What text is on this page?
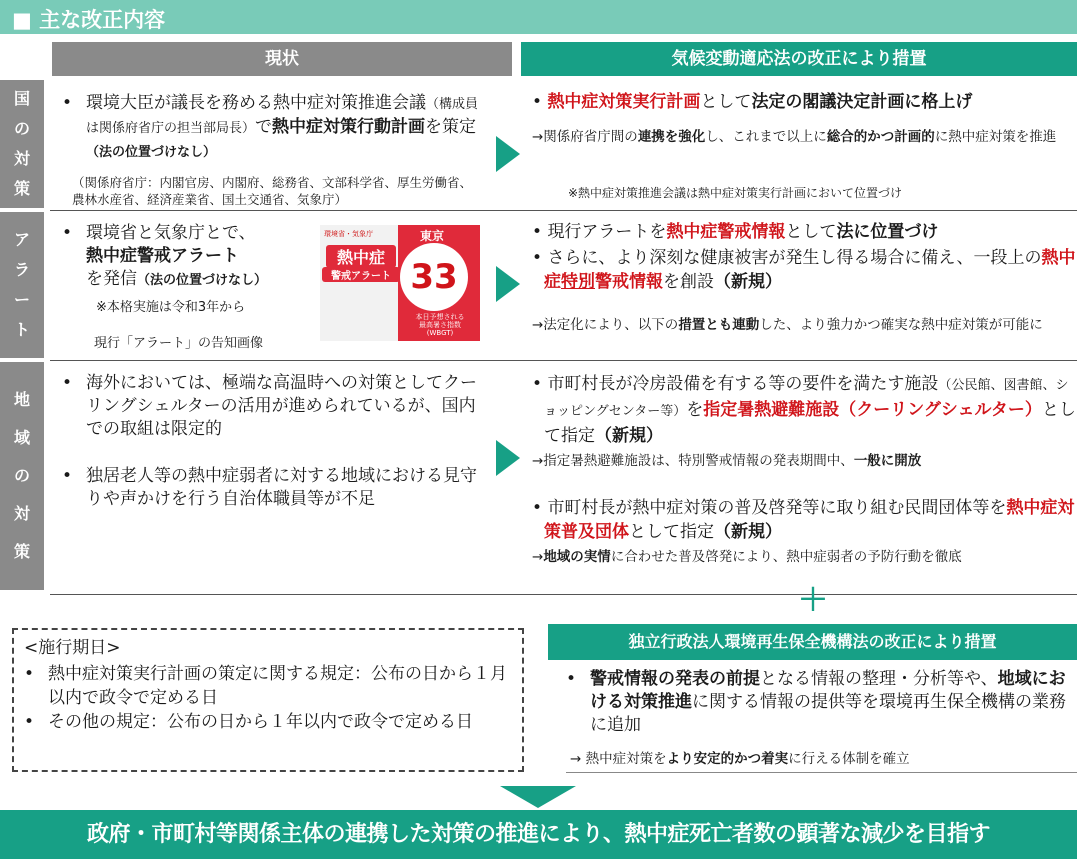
■ 主な改正内容
現状	気候変動適応法の改正により措置
国
の
対
策
ア
ラ
ー
ト
地
域
の
対
策
• 環境大臣が議長を務める熱中症対策推進会議（構成員は関係府省庁の担当部局長）で熱中症対策行動計画を策定（法の位置づけなし）
（関係府省庁：内閣官房、内閣府、総務省、文部科学省、厚生労働省、農林水産省、経済産業省、国土交通省、気象庁）
• 熱中症対策実行計画として法定の閣議決定計画に格上げ
→関係府省庁間の連携を強化し、これまで以上に総合的かつ計画的に熱中症対策を推進
※熱中症対策推進会議は熱中症対策実行計画において位置づけ
• 環境省と気象庁とで、
熱中症警戒アラート
を発信（法の位置づけなし）
※本格実施は令和3年から
現行「アラート」の告知画像
環境省・気象庁
熱中症
警戒アラート
東京
33
本日予想される
最高暑さ指数
(WBGT)
• 現行アラートを熱中症警戒情報として法に位置づけ
• さらに、より深刻な健康被害が発生し得る場合に備え、一段上の熱中症特別警戒情報を創設（新規）
→法定化により、以下の措置とも連動した、より強力かつ確実な熱中症対策が可能に
• 海外においては、極端な高温時への対策としてクーリングシェルターの活用が進められているが、国内での取組は限定的
• 独居老人等の熱中症弱者に対する地域における見守りや声かけを行う自治体職員等が不足
• 市町村長が冷房設備を有する等の要件を満たす施設（公民館、図書館、ショッピングセンター等）を指定暑熱避難施設（クーリングシェルター）として指定（新規）
→指定暑熱避難施設は、特別警戒情報の発表期間中、一般に開放
• 市町村長が熱中症対策の普及啓発等に取り組む民間団体等を熱中症対策普及団体として指定（新規）
→地域の実情に合わせた普及啓発により、熱中症弱者の予防行動を徹底
＋
<施行期日>
• 熱中症対策実行計画の策定に関する規定：公布の日から１月以内で政令で定める日
• その他の規定：公布の日から１年以内で政令で定める日
独立行政法人環境再生保全機構法の改正により措置
• 警戒情報の発表の前提となる情報の整理・分析等や、地域における対策推進に関する情報の提供等を環境再生保全機構の業務に追加
→ 熱中症対策をより安定的かつ着実に行える体制を確立
政府・市町村等関係主体の連携した対策の推進により、熱中症死亡者数の顕著な減少を目指す
